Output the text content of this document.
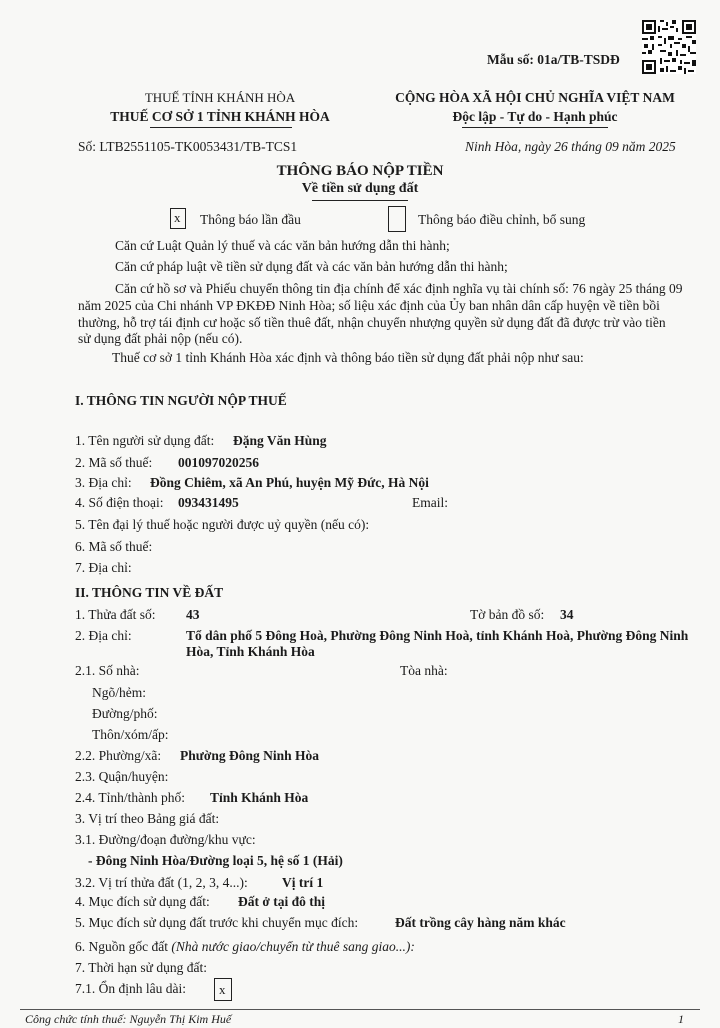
Mẫu số: 01a/TB-TSDĐ
THUẾ TỈNH KHÁNH HÒA
THUẾ CƠ SỞ 1 TỈNH KHÁNH HÒA
Số: LTB2551105-TK0053431/TB-TCS1
CỘNG HÒA XÃ HỘI CHỦ NGHĨA VIỆT NAM
Độc lập - Tự do - Hạnh phúc
Ninh Hòa, ngày 26 tháng 09 năm 2025
THÔNG BÁO NỘP TIỀN
Về tiền sử dụng đất
x Thông báo lần đầu	Thông báo điều chỉnh, bổ sung
Căn cứ Luật Quản lý thuế và các văn bản hướng dẫn thi hành;
Căn cứ pháp luật về tiền sử dụng đất và các văn bản hướng dẫn thi hành;
Căn cứ hồ sơ và Phiếu chuyển thông tin địa chính để xác định nghĩa vụ tài chính số: 76 ngày 25 tháng 09
năm 2025 của Chi nhánh VP ĐKĐĐ Ninh Hòa; số liệu xác định của Ủy ban nhân dân cấp huyện về tiền bồi
thường, hỗ trợ tái định cư hoặc số tiền thuê đất, nhận chuyển nhượng quyền sử dụng đất đã được trừ vào tiền
sử dụng đất phải nộp (nếu có).
Thuế cơ sở 1 tỉnh Khánh Hòa xác định và thông báo tiền sử dụng đất phải nộp như sau:
I. THÔNG TIN NGƯỜI NỘP THUẾ
1. Tên người sử dụng đất: Đặng Văn Hùng
2. Mã số thuế: 001097020256
3. Địa chỉ: Đồng Chiêm, xã An Phú, huyện Mỹ Đức, Hà Nội
4. Số điện thoại: 093431495	Email:
5. Tên đại lý thuế hoặc người được uỷ quyền (nếu có):
6. Mã số thuế:
7. Địa chỉ:
II. THÔNG TIN VỀ ĐẤT
1. Thửa đất số: 43	Tờ bản đồ số: 34
2. Địa chỉ:	Tổ dân phố 5 Đông Hoà, Phường Đông Ninh Hoà, tỉnh Khánh Hoà, Phường Đông Ninh
Hòa, Tỉnh Khánh Hòa
2.1. Số nhà:	Tòa nhà:
Ngõ/hẻm:
Đường/phố:
Thôn/xóm/ấp:
2.2. Phường/xã: Phường Đông Ninh Hòa
2.3. Quận/huyện:
2.4. Tỉnh/thành phố: Tỉnh Khánh Hòa
3. Vị trí theo Bảng giá đất:
3.1. Đường/đoạn đường/khu vực:
- Đông Ninh Hòa/Đường loại 5, hệ số 1 (Hải)
3.2. Vị trí thửa đất (1, 2, 3, 4...):	Vị trí 1
4. Mục đích sử dụng đất: Đất ở tại đô thị
5. Mục đích sử dụng đất trước khi chuyển mục đích:	Đất trồng cây hàng năm khác
6. Nguồn gốc đất (Nhà nước giao/chuyển từ thuê sang giao...):
7. Thời hạn sử dụng đất:
7.1. Ổn định lâu dài:	x
Công chức tính thuế: Nguyễn Thị Kim Huế	1
